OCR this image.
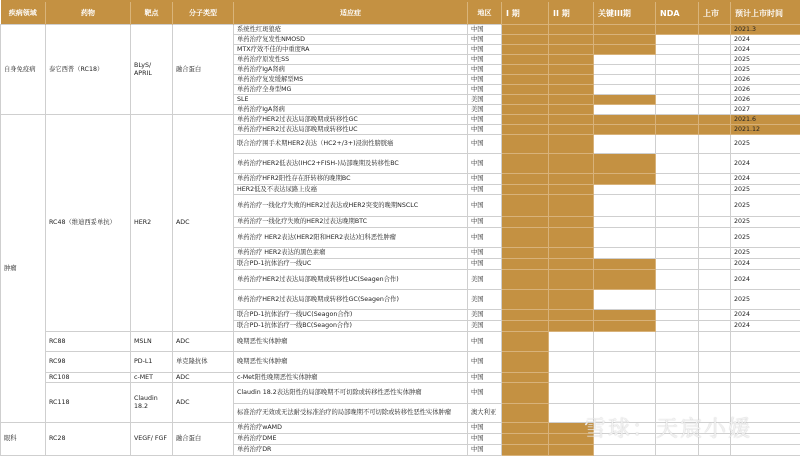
疾病领域	药物	靶点	分子类型	适应症	地区	I 期	II 期	关键III期	NDA	上市	预计上市时间
自身免疫病	泰它西普（RC18）	BLyS/ APRIL	融合蛋白	系统性红斑狼疮	中国						2021.3
				单药治疗复发性NMOSD	中国						2024
				MTX疗效不佳的中重度RA	中国						2024
				单药治疗原发性SS	中国						2025
				单药治疗IgA肾病	中国						2025
				单药治疗复发缓解型MS	中国						2026
				单药治疗全身型MG	中国						2026
				SLE	美国						2026
				单药治疗IgA肾病	美国						2027
肿瘤	RC48（维迪西妥单抗）	HER2	ADC	单药治疗HER2过表达局部晚期或转移性GC	中国						2021.6
				单药治疗HER2过表达局部晚期或转移性UC	中国						2021.12
				联合治疗围手术期HER2表达（HC2+/3+)浸润性膀胱癌	中国						2025
				单药治疗HER2低表达(IHC2+FISH-)局部晚期及转移性BC	中国						2024
				单药治疗HFR2阳性存在肝转移的晚期BC	中国						2024
				HER2低及不表达尿路上皮癌	中国						2025
				单药治疗一线化疗失败的HER2过表达或HER2突变的晚期NSCLC	中国						2025
				单药治疗一线化疗失败的HER2过表达晚期BTC	中国						2025
				单药治疗 HER2表达(HER2阳和HER2表达)妇科恶性肿瘤	中国						2025
				单药治疗 HER2表达的黑色素瘤	中国						2025
				联合PD-1抗体治疗一线UC	中国						2024
				单药治疗HER2过表达局部晚期或转移性UC(Seagen合作)	美国						2024
				单药治疗HER2过表达局部晚期或转移性GC(Seagen合作)	美国						2025
				联合PD-1抗体治疗一线UC(Seagon合作)	美国						2024
				联合PD-1抗体治疗一线BC(Seagon合作)	美国						2024
	RC88	MSLN	ADC	晚期恶性实体肿瘤	中国						
	RC98	PD-L1	单克隆抗体	晚期恶性实体肿瘤	中国						
	RC108	c-MET	ADC	c-Met阳性晚期恶性实体肿瘤	中国						
	RC118	Claudin 18.2	ADC	Claudin 18.2表达阳性的局部晚期不可切除或转移性恶性实体肿瘤	中国						
				标准治疗无效或无法耐受标准治疗的局部晚期不可切除或转移性恶性实体肿瘤	澳大利亚						
眼科	RC28	VEGF/ FGF	融合蛋白	单药治疗wAMD	中国						
				单药治疗DME	中国						
				单药治疗DR	中国						
雪球：天宸小媛
